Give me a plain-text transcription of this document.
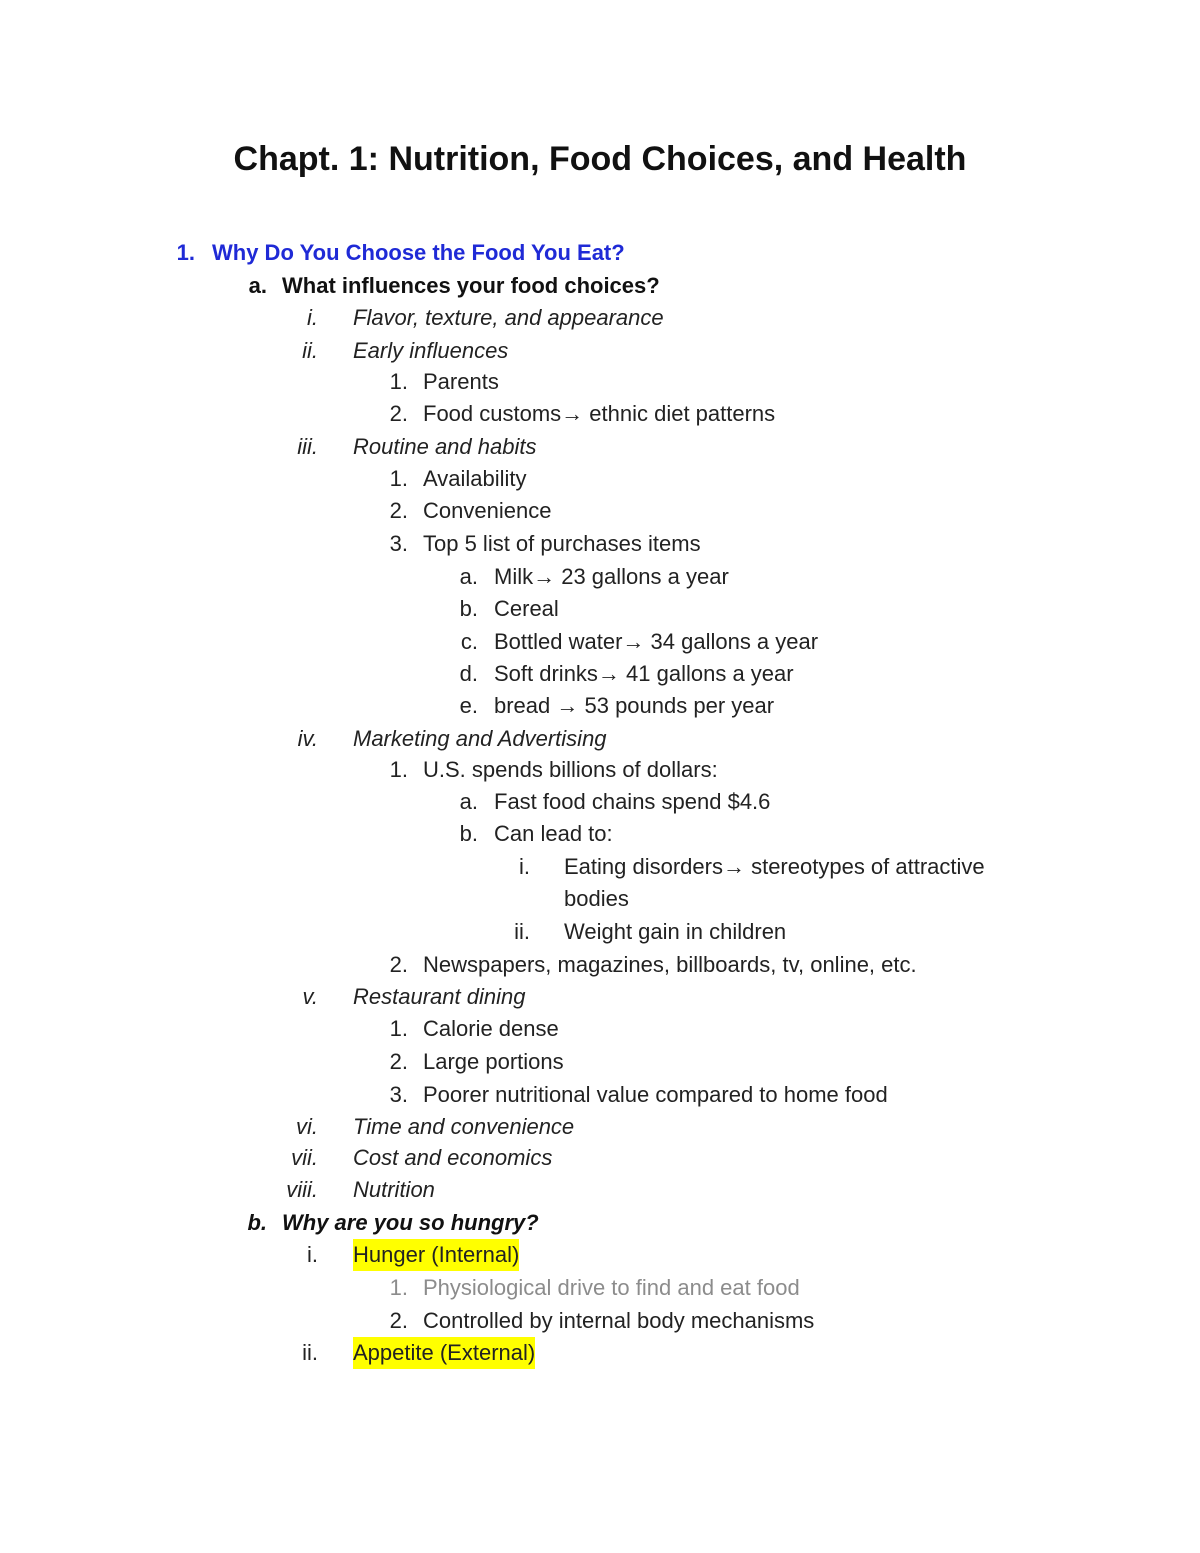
Chapt. 1: Nutrition, Food Choices, and Health
1. Why Do You Choose the Food You Eat?
a. What influences your food choices?
i. Flavor, texture, and appearance
ii. Early influences
1. Parents
2. Food customs→ ethnic diet patterns
iii. Routine and habits
1. Availability
2. Convenience
3. Top 5 list of purchases items
a. Milk→ 23 gallons a year
b. Cereal
c. Bottled water→ 34 gallons a year
d. Soft drinks→ 41 gallons a year
e. bread → 53 pounds per year
iv. Marketing and Advertising
1. U.S. spends billions of dollars:
a. Fast food chains spend $4.6
b. Can lead to:
i. Eating disorders→ stereotypes of attractive
bodies
ii. Weight gain in children
2. Newspapers, magazines, billboards, tv, online, etc.
v. Restaurant dining
1. Calorie dense
2. Large portions
3. Poorer nutritional value compared to home food
vi. Time and convenience
vii. Cost and economics
viii. Nutrition
b. Why are you so hungry?
i. Hunger (Internal)
1. Physiological drive to find and eat food
2. Controlled by internal body mechanisms
ii. Appetite (External)
